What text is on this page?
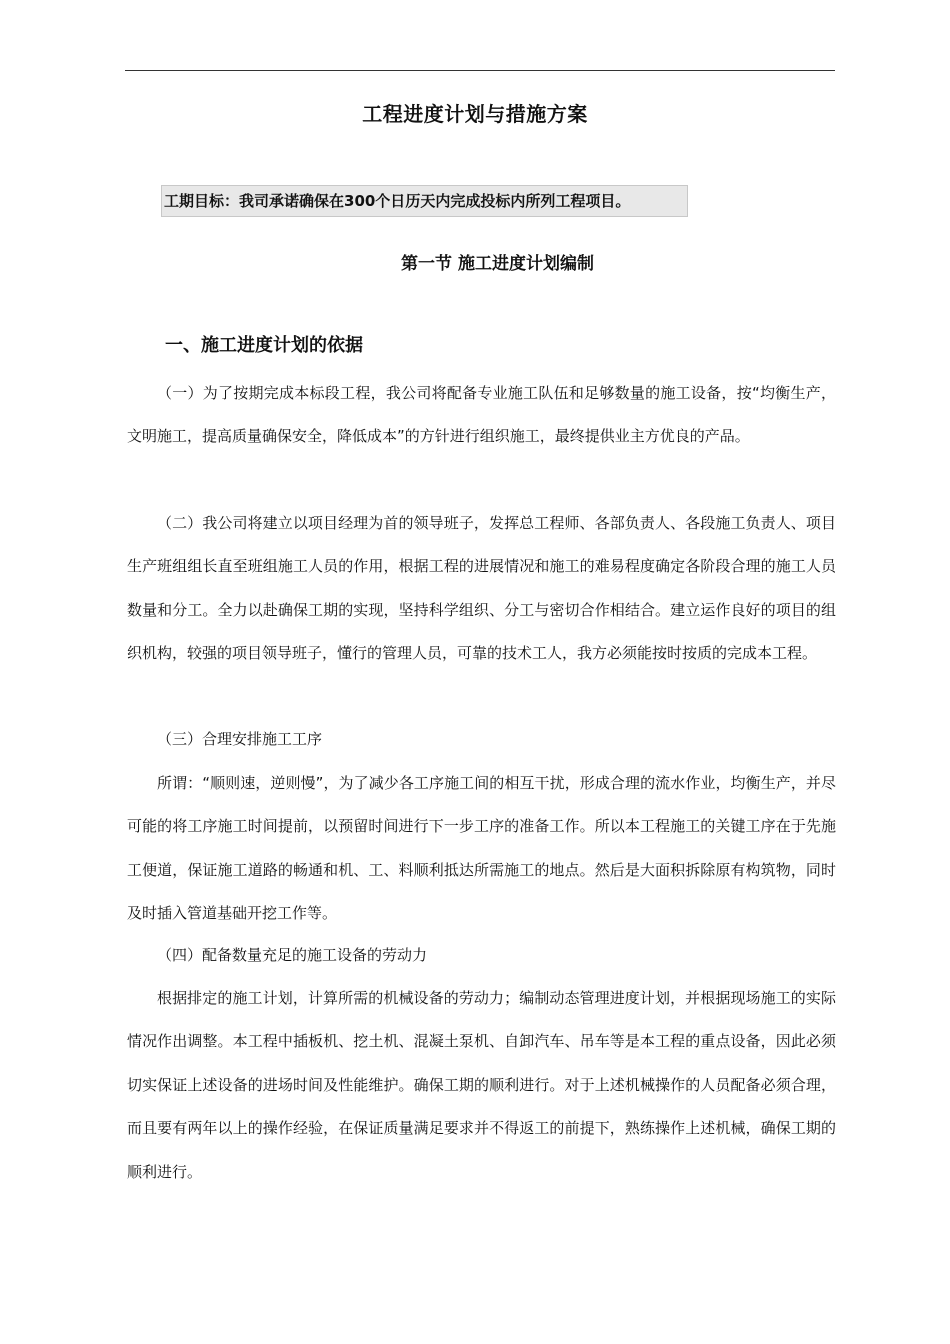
工程进度计划与措施方案
工期目标：我司承诺确保在300个日历天内完成投标内所列工程项目。
第一节 施工进度计划编制
一、施工进度计划的依据

（一）为了按期完成本标段工程，我公司将配备专业施工队伍和足够数量的施工设备，按“均衡生产，文明施工，提高质量确保安全，降低成本”的方针进行组织施工，最终提供业主方优良的产品。

（二）我公司将建立以项目经理为首的领导班子，发挥总工程师、各部负责人、各段施工负责人、项目生产班组组长直至班组施工人员的作用，根据工程的进展情况和施工的难易程度确定各阶段合理的施工人员数量和分工。全力以赴确保工期的实现，坚持科学组织、分工与密切合作相结合。建立运作良好的项目的组织机构，较强的项目领导班子，懂行的管理人员，可靠的技术工人，我方必须能按时按质的完成本工程。

（三）合理安排施工工序

所谓：“顺则速，逆则慢”，为了减少各工序施工间的相互干扰，形成合理的流水作业，均衡生产，并尽可能的将工序施工时间提前，以预留时间进行下一步工序的准备工作。所以本工程施工的关键工序在于先施工便道，保证施工道路的畅通和机、工、料顺利抵达所需施工的地点。然后是大面积拆除原有构筑物，同时及时插入管道基础开挖工作等。

（四）配备数量充足的施工设备的劳动力

根据排定的施工计划，计算所需的机械设备的劳动力；编制动态管理进度计划，并根据现场施工的实际情况作出调整。本工程中插板机、挖土机、混凝土泵机、自卸汽车、吊车等是本工程的重点设备，因此必须切实保证上述设备的进场时间及性能维护。确保工期的顺利进行。对于上述机械操作的人员配备必须合理，而且要有两年以上的操作经验，在保证质量满足要求并不得返工的前提下，熟练操作上述机械，确保工期的顺利进行。
